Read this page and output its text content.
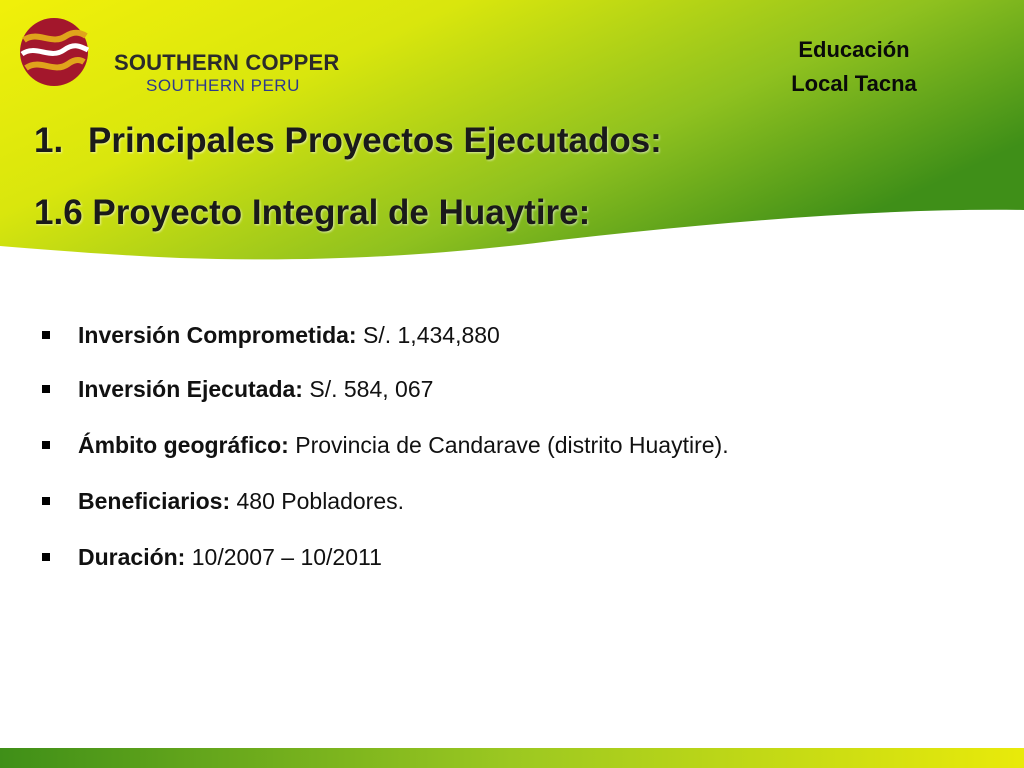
SOUTHERN COPPER
SOUTHERN PERU
Educación
Local Tacna
1. Principales Proyectos Ejecutados:
1.6 Proyecto Integral de Huaytire:
Inversión Comprometida: S/. 1,434,880
Inversión Ejecutada: S/. 584, 067
Ámbito geográfico: Provincia de Candarave (distrito Huaytire).
Beneficiarios: 480 Pobladores.
Duración: 10/2007 – 10/2011
